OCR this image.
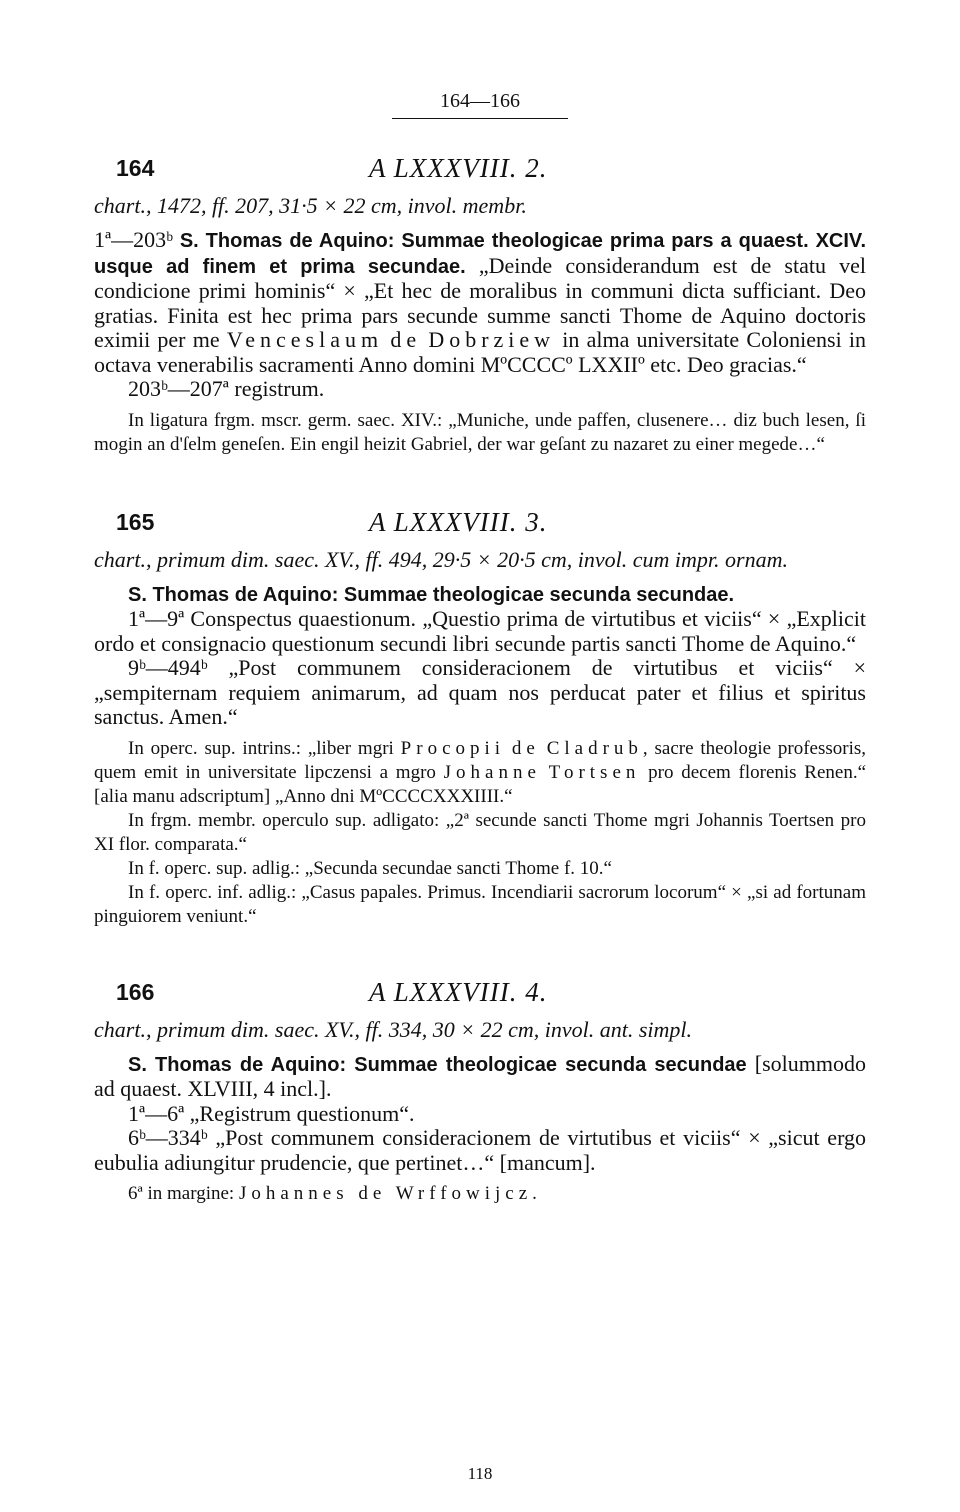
164—166
164	A LXXXVIII. 2.
chart., 1472, ff. 207, 31·5 × 22 cm, invol. membr.

1ª—203ᵇ S. Thomas de Aquino: Summae theologicae prima pars a quaest. XCIV. usque ad finem et prima secundae. „Deinde considerandum est de statu vel condicione primi hominis“ × „Et hec de moralibus in communi dicta sufficiant. Deo gratias. Finita est hec prima pars secunde summe sancti Thome de Aquino doctoris eximii per me Venceslaum de Dobrziew in alma universitate Coloniensi in octava venerabilis sacramenti Anno domini MºCCCCº LXXIIº etc. Deo gracias.“

203ᵇ—207ª registrum.

In ligatura frgm. mscr. germ. saec. XIV.: „Muniche, unde paffen, clusenere… diz buch lesen, ſi mogin an d'ſelm geneſen. Ein engil heizit Gabriel, der war geſant zu nazaret zu einer megede…“

165	A LXXXVIII. 3.
chart., primum dim. saec. XV., ff. 494, 29·5 × 20·5 cm, invol. cum impr. ornam.

S. Thomas de Aquino: Summae theologicae secunda secundae.

1ª—9ª Conspectus quaestionum. „Questio prima de virtutibus et viciis“ × „Explicit ordo et consignacio questionum secundi libri secunde partis sancti Thome de Aquino.“

9ᵇ—494ᵇ „Post communem consideracionem de virtutibus et viciis“ × „sempiternam requiem animarum, ad quam nos perducat pater et filius et spiritus sanctus. Amen.“

In operc. sup. intrins.: „liber mgri Procopii de Cladrub, sacre theologie professoris, quem emit in universitate lipczensi a mgro Johanne Tortsen pro decem florenis Renen.“ [alia manu adscriptum] „Anno dni MºCCCCXXXIIII.“

In frgm. membr. operculo sup. adligato: „2ª secunde sancti Thome mgri Johannis Toertsen pro XI flor. comparata.“

In f. operc. sup. adlig.: „Secunda secundae sancti Thome f. 10.“

In f. operc. inf. adlig.: „Casus papales. Primus. Incendiarii sacrorum locorum“ × „si ad fortunam pinguiorem veniunt.“

166	A LXXXVIII. 4.
chart., primum dim. saec. XV., ff. 334, 30 × 22 cm, invol. ant. simpl.

S. Thomas de Aquino: Summae theologicae secunda secundae [solummodo ad quaest. XLVIII, 4 incl.].

1ª—6ª „Registrum questionum“.

6ᵇ—334ᵇ „Post communem consideracionem de virtutibus et viciis“ × „sicut ergo eubulia adiungitur prudencie, que pertinet…“ [mancum].

6ª in margine: Johannes de Wrffowijcz.

118
